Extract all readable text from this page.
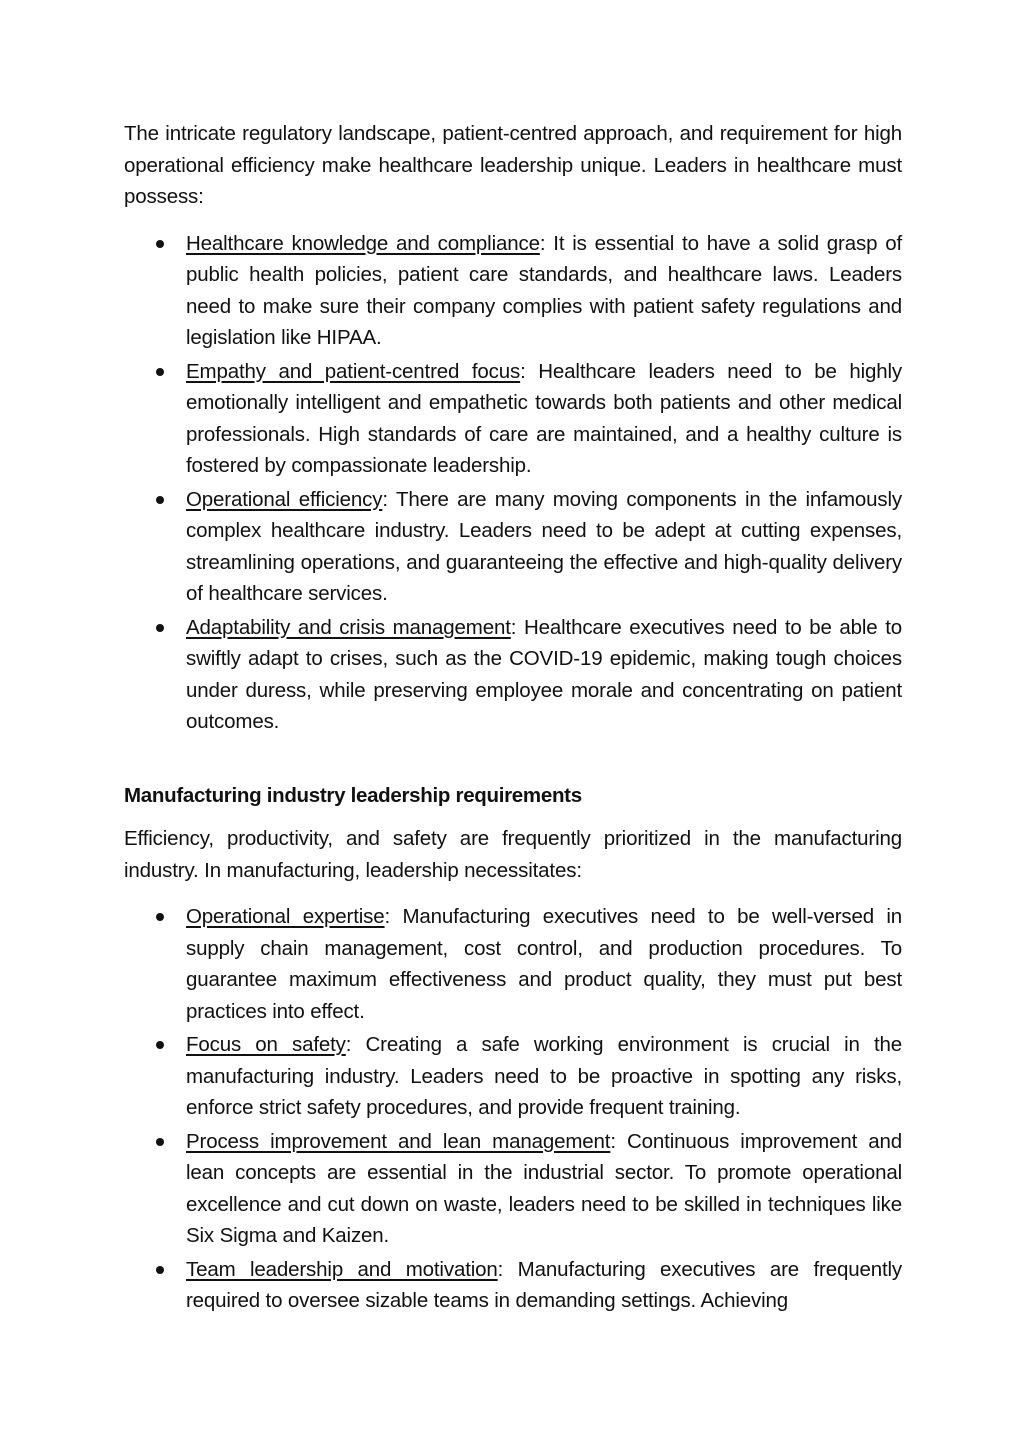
The intricate regulatory landscape, patient-centred approach, and requirement for high operational efficiency make healthcare leadership unique. Leaders in healthcare must possess:

Healthcare knowledge and compliance: It is essential to have a solid grasp of public health policies, patient care standards, and healthcare laws. Leaders need to make sure their company complies with patient safety regulations and legislation like HIPAA.
Empathy and patient-centred focus: Healthcare leaders need to be highly emotionally intelligent and empathetic towards both patients and other medical professionals. High standards of care are maintained, and a healthy culture is fostered by compassionate leadership.
Operational efficiency: There are many moving components in the infamously complex healthcare industry. Leaders need to be adept at cutting expenses, streamlining operations, and guaranteeing the effective and high-quality delivery of healthcare services.
Adaptability and crisis management: Healthcare executives need to be able to swiftly adapt to crises, such as the COVID-19 epidemic, making tough choices under duress, while preserving employee morale and concentrating on patient outcomes.
Manufacturing industry leadership requirements

Efficiency, productivity, and safety are frequently prioritized in the manufacturing industry. In manufacturing, leadership necessitates:

Operational expertise: Manufacturing executives need to be well-versed in supply chain management, cost control, and production procedures. To guarantee maximum effectiveness and product quality, they must put best practices into effect.
Focus on safety: Creating a safe working environment is crucial in the manufacturing industry. Leaders need to be proactive in spotting any risks, enforce strict safety procedures, and provide frequent training.
Process improvement and lean management: Continuous improvement and lean concepts are essential in the industrial sector. To promote operational excellence and cut down on waste, leaders need to be skilled in techniques like Six Sigma and Kaizen.
Team leadership and motivation: Manufacturing executives are frequently required to oversee sizable teams in demanding settings. Achieving
